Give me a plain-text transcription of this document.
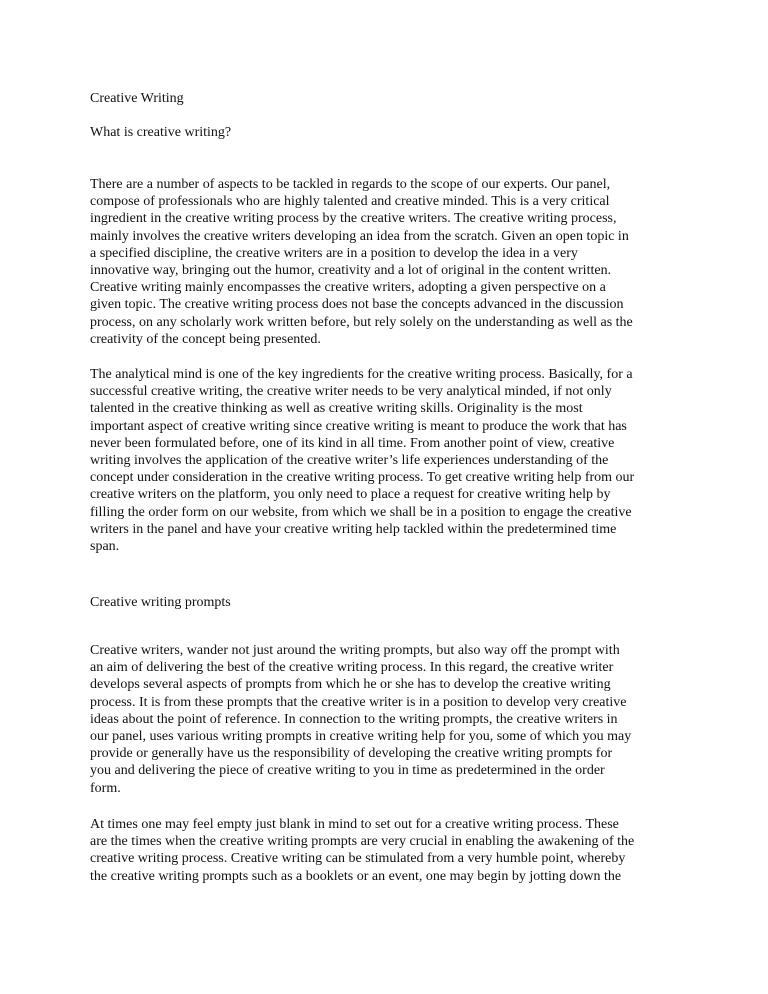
Creative Writing

What is creative writing?

There are a number of aspects to be tackled in regards to the scope of our experts. Our panel,
compose of professionals who are highly talented and creative minded. This is a very critical
ingredient in the creative writing process by the creative writers. The creative writing process,
mainly involves the creative writers developing an idea from the scratch. Given an open topic in
a specified discipline, the creative writers are in a position to develop the idea in a very
innovative way, bringing out the humor, creativity and a lot of original in the content written.
Creative writing mainly encompasses the creative writers, adopting a given perspective on a
given topic. The creative writing process does not base the concepts advanced in the discussion
process, on any scholarly work written before, but rely solely on the understanding as well as the
creativity of the concept being presented.
The analytical mind is one of the key ingredients for the creative writing process. Basically, for a
successful creative writing, the creative writer needs to be very analytical minded, if not only
talented in the creative thinking as well as creative writing skills. Originality is the most
important aspect of creative writing since creative writing is meant to produce the work that has
never been formulated before, one of its kind in all time. From another point of view, creative
writing involves the application of the creative writer’s life experiences understanding of the
concept under consideration in the creative writing process. To get creative writing help from our
creative writers on the platform, you only need to place a request for creative writing help by
filling the order form on our website, from which we shall be in a position to engage the creative
writers in the panel and have your creative writing help tackled within the predetermined time
span.

Creative writing prompts

Creative writers, wander not just around the writing prompts, but also way off the prompt with
an aim of delivering the best of the creative writing process. In this regard, the creative writer
develops several aspects of prompts from which he or she has to develop the creative writing
process. It is from these prompts that the creative writer is in a position to develop very creative
ideas about the point of reference. In connection to the writing prompts, the creative writers in
our panel, uses various writing prompts in creative writing help for you, some of which you may
provide or generally have us the responsibility of developing the creative writing prompts for
you and delivering the piece of creative writing to you in time as predetermined in the order
form.
At times one may feel empty just blank in mind to set out for a creative writing process. These
are the times when the creative writing prompts are very crucial in enabling the awakening of the
creative writing process. Creative writing can be stimulated from a very humble point, whereby
the creative writing prompts such as a booklets or an event, one may begin by jotting down the
